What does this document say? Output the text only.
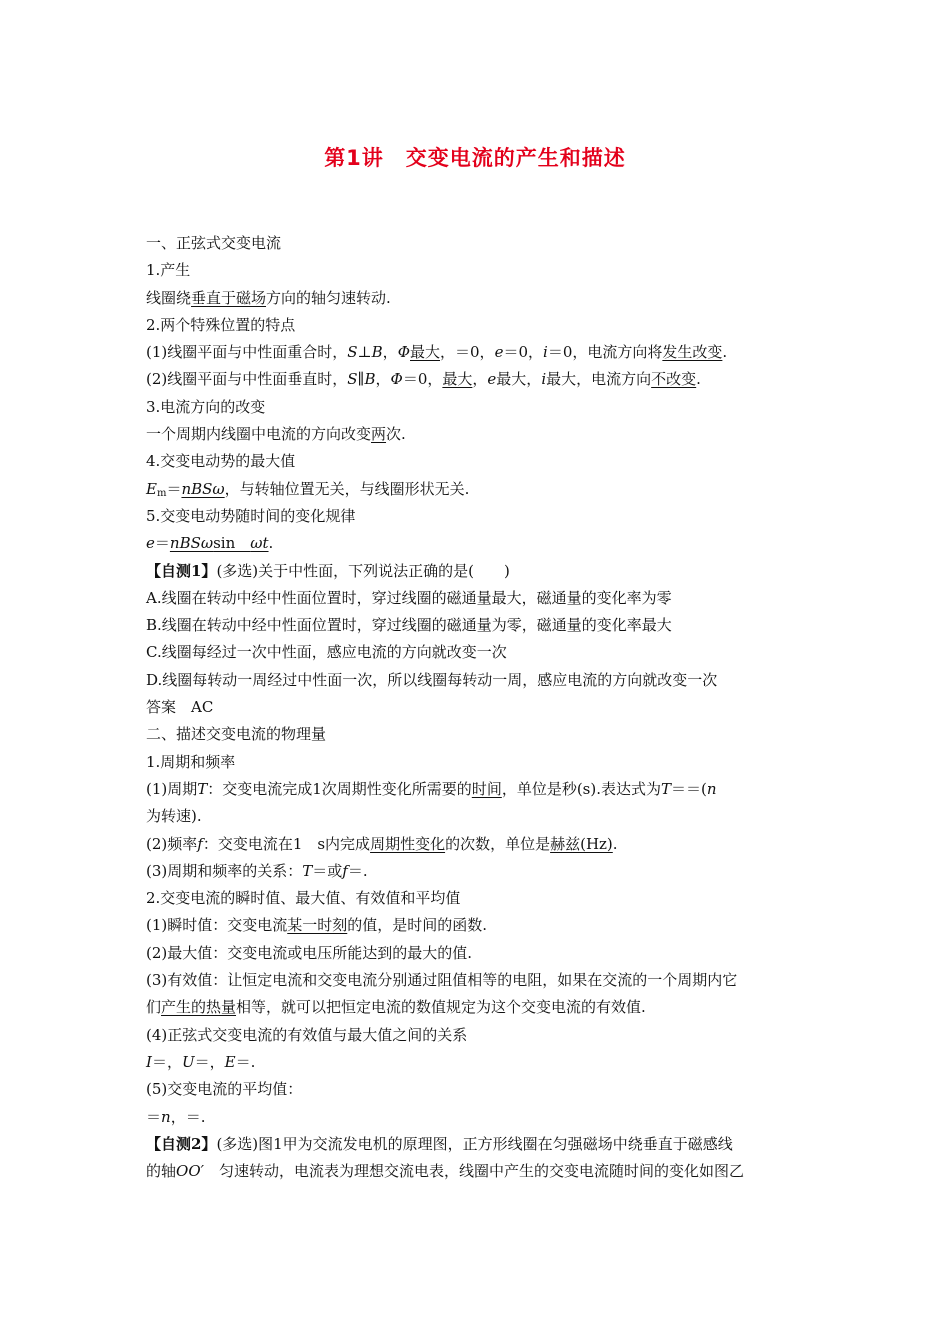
第1讲　交变电流的产生和描述
一、正弦式交变电流
1.产生
线圈绕垂直于磁场方向的轴匀速转动.
2.两个特殊位置的特点
(1)线圈平面与中性面重合时，S⊥B，Φ最大，＝0，e＝0，i＝0，电流方向将发生改变.
(2)线圈平面与中性面垂直时，S∥B，Φ＝0，最大，e最大，i最大，电流方向不改变.
3.电流方向的改变
一个周期内线圈中电流的方向改变两次.
4.交变电动势的最大值
$E_m=nBS\omega$，与转轴位置无关，与线圈形状无关.
5.交变电动势随时间的变化规律
e＝nBSωsin　ωt.
【自测1】(多选)关于中性面，下列说法正确的是(　　)
A.线圈在转动中经中性面位置时，穿过线圈的磁通量最大，磁通量的变化率为零
B.线圈在转动中经中性面位置时，穿过线圈的磁通量为零，磁通量的变化率最大
C.线圈每经过一次中性面，感应电流的方向就改变一次
D.线圈每转动一周经过中性面一次，所以线圈每转动一周，感应电流的方向就改变一次
答案　AC
二、描述交变电流的物理量
1.周期和频率
(1)周期T：交变电流完成1次周期性变化所需要的时间，单位是秒(s).表达式为T＝＝(n
为转速).
(2)频率f：交变电流在1　s内完成周期性变化的次数，单位是赫兹(Hz).
(3)周期和频率的关系：T＝或f＝.
2.交变电流的瞬时值、最大值、有效值和平均值
(1)瞬时值：交变电流某一时刻的值，是时间的函数.
(2)最大值：交变电流或电压所能达到的最大的值.
(3)有效值：让恒定电流和交变电流分别通过阻值相等的电阻，如果在交流的一个周期内它
们产生的热量相等，就可以把恒定电流的数值规定为这个交变电流的有效值.
(4)正弦式交变电流的有效值与最大值之间的关系
I＝，U＝，E＝.
(5)交变电流的平均值：
＝n，＝.
【自测2】(多选)图1甲为交流发电机的原理图，正方形线圈在匀强磁场中绕垂直于磁感线
的轴OO′　 匀速转动，电流表为理想交流电表，线圈中产生的交变电流随时间的变化如图乙
